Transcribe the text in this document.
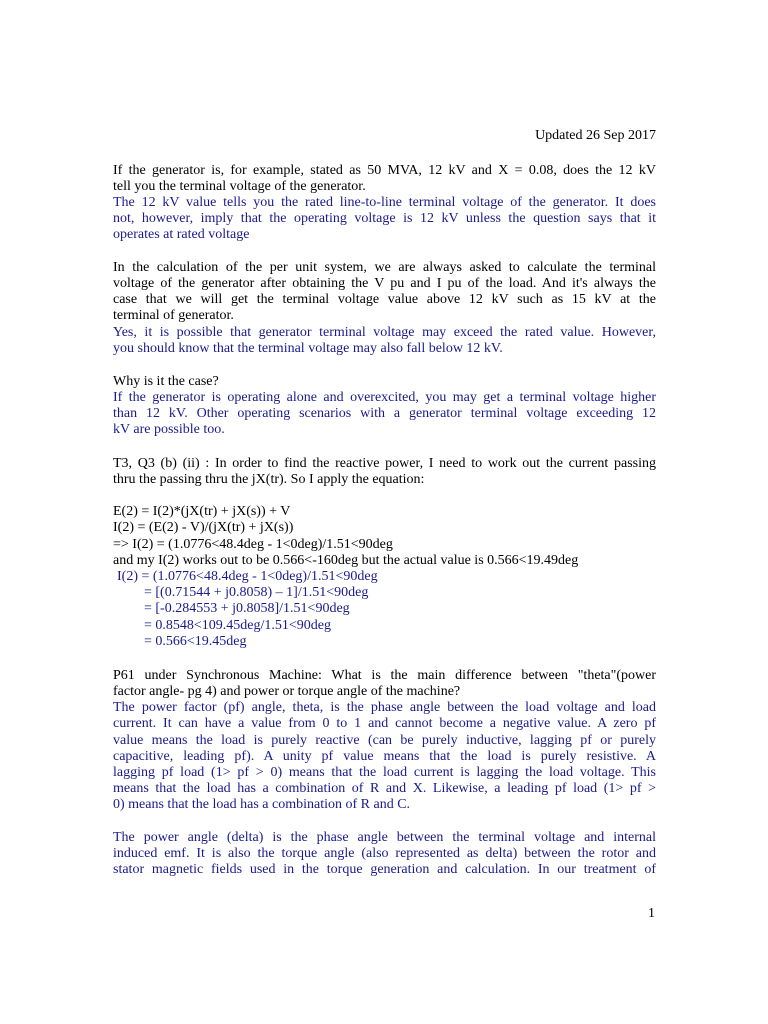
Updated 26 Sep 2017
If the generator is, for example, stated as 50 MVA, 12 kV and X = 0.08, does the 12 kV
tell you the terminal voltage of the generator.
The 12 kV value tells you the rated line-to-line terminal voltage of the generator. It does
not, however, imply that the operating voltage is 12 kV unless the question says that it
operates at rated voltage
In the calculation of the per unit system, we are always asked to calculate the terminal
voltage of the generator after obtaining the V pu and I pu of the load. And it's always the
case that we will get the terminal voltage value above 12 kV such as 15 kV at the
terminal of generator.
Yes, it is possible that generator terminal voltage may exceed the rated value. However,
you should know that the terminal voltage may also fall below 12 kV.
Why is it the case?
If the generator is operating alone and overexcited, you may get a terminal voltage higher
than 12 kV. Other operating scenarios with a generator terminal voltage exceeding 12
kV are possible too.
T3, Q3 (b) (ii) : In order to find the reactive power, I need to work out the current passing
thru the passing thru the jX(tr). So I apply the equation:
E(2) = I(2)*(jX(tr) + jX(s)) + V
I(2) = (E(2) - V)/(jX(tr) + jX(s))
=> I(2) = (1.0776<48.4deg - 1<0deg)/1.51<90deg
and my I(2) works out to be 0.566<-160deg but the actual value is 0.566<19.49deg
I(2) = (1.0776<48.4deg - 1<0deg)/1.51<90deg
= [(0.71544 + j0.8058) – 1]/1.51<90deg
= [-0.284553 + j0.8058]/1.51<90deg
= 0.8548<109.45deg/1.51<90deg
= 0.566<19.45deg
P61 under Synchronous Machine: What is the main difference between "theta"(power
factor angle- pg 4) and power or torque angle of the machine?
The power factor (pf) angle, theta, is the phase angle between the load voltage and load
current. It can have a value from 0 to 1 and cannot become a negative value. A zero pf
value means the load is purely reactive (can be purely inductive, lagging pf or purely
capacitive, leading pf). A unity pf value means that the load is purely resistive. A
lagging pf load (1> pf > 0) means that the load current is lagging the load voltage. This
means that the load has a combination of R and X. Likewise, a leading pf load (1> pf >
0) means that the load has a combination of R and C.
The power angle (delta) is the phase angle between the terminal voltage and internal
induced emf. It is also the torque angle (also represented as delta) between the rotor and
stator magnetic fields used in the torque generation and calculation. In our treatment of
1
